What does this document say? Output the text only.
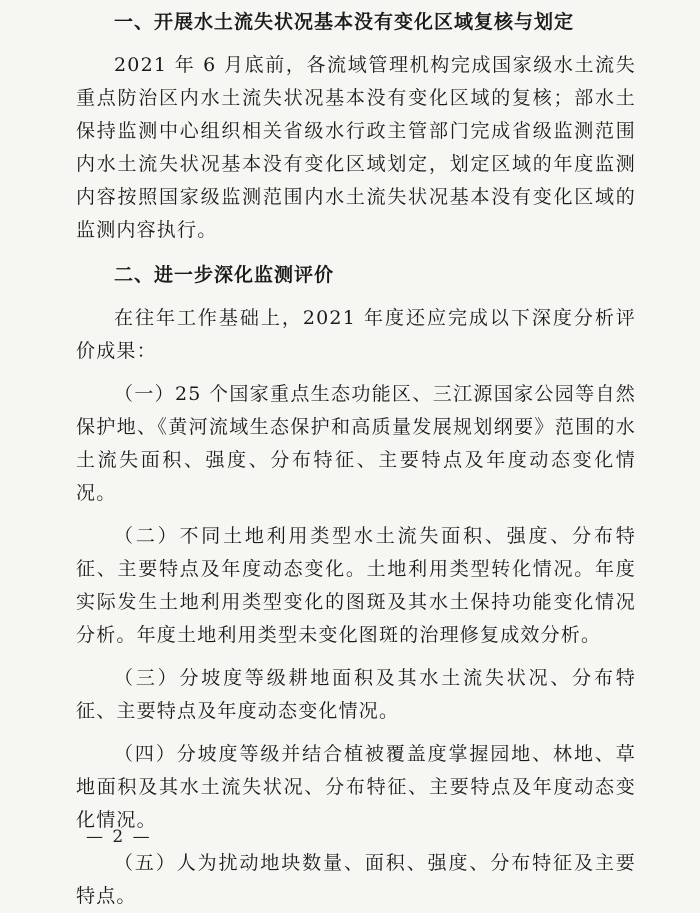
一、开展水土流失状况基本没有变化区域复核与划定

2021 年 6 月底前，各流域管理机构完成国家级水土流失重点防治区内水土流失状况基本没有变化区域的复核；部水土保持监测中心组织相关省级水行政主管部门完成省级监测范围内水土流失状况基本没有变化区域划定，划定区域的年度监测内容按照国家级监测范围内水土流失状况基本没有变化区域的监测内容执行。

二、进一步深化监测评价

在往年工作基础上，2021 年度还应完成以下深度分析评价成果：

（一）25 个国家重点生态功能区、三江源国家公园等自然保护地、《黄河流域生态保护和高质量发展规划纲要》范围的水土流失面积、强度、分布特征、主要特点及年度动态变化情况。

（二）不同土地利用类型水土流失面积、强度、分布特征、主要特点及年度动态变化。土地利用类型转化情况。年度实际发生土地利用类型变化的图斑及其水土保持功能变化情况分析。年度土地利用类型未变化图斑的治理修复成效分析。

（三）分坡度等级耕地面积及其水土流失状况、分布特征、主要特点及年度动态变化情况。

（四）分坡度等级并结合植被覆盖度掌握园地、林地、草地面积及其水土流失状况、分布特征、主要特点及年度动态变化情况。

（五）人为扰动地块数量、面积、强度、分布特征及主要特点。

— 2 —
